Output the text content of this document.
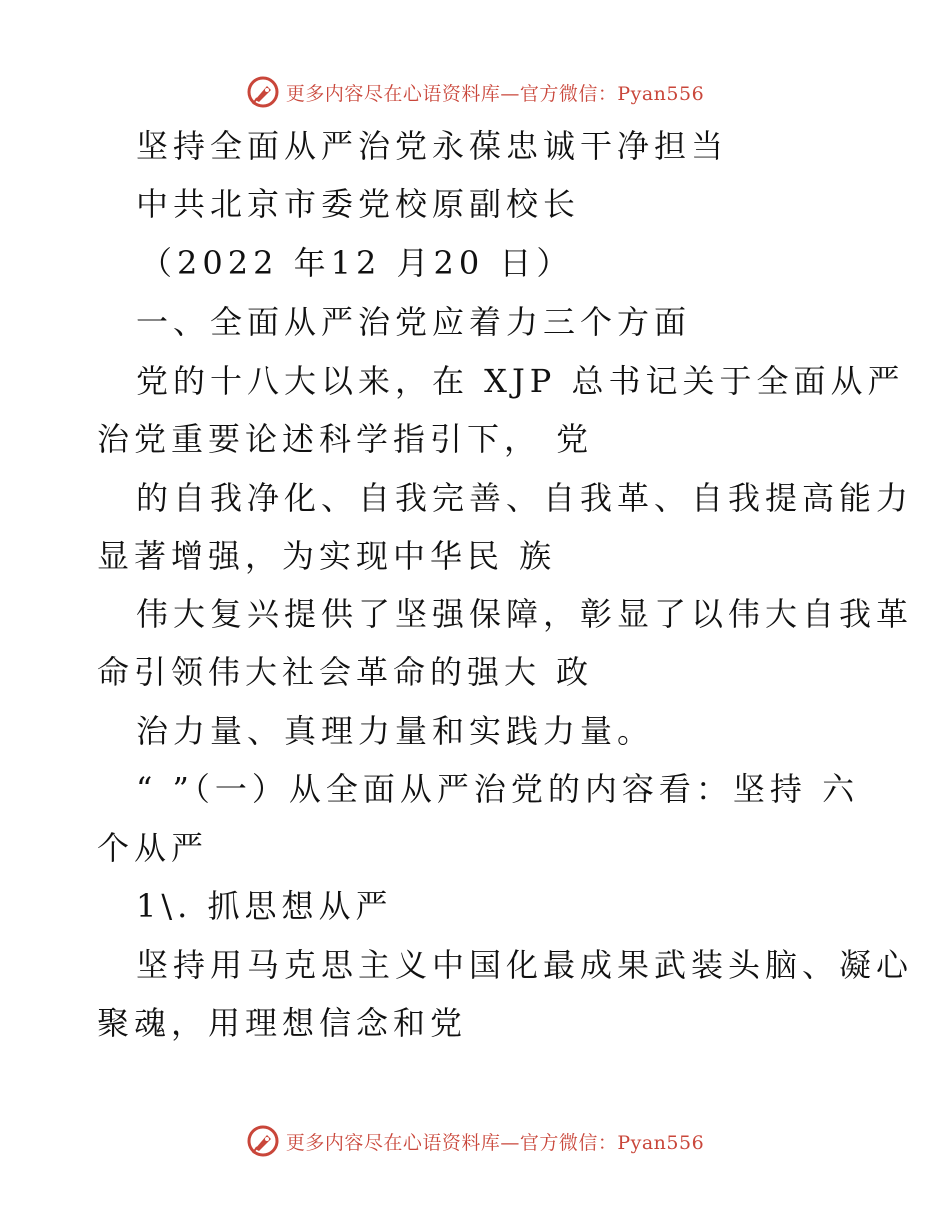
更多内容尽在心语资料库—官方微信：Pyan556
坚持全面从严治党永葆忠诚干净担当
中共北京市委党校原副校长
（2022 年12 月20 日）
一、全面从严治党应着力三个方面
党的十八大以来，在 XJP 总书记关于全面从严
治党重要论述科学指引下， 党
的自我净化、自我完善、自我革、自我提高能力
显著增强，为实现中华民 族
伟大复兴提供了坚强保障，彰显了以伟大自我革
命引领伟大社会革命的强大 政
治力量、真理力量和实践力量。
“ ”（一）从全面从严治党的内容看：坚持 六
个从严
1\. 抓思想从严
坚持用马克思主义中国化最成果武装头脑、凝心
聚魂，用理想信念和党
更多内容尽在心语资料库—官方微信：Pyan556
